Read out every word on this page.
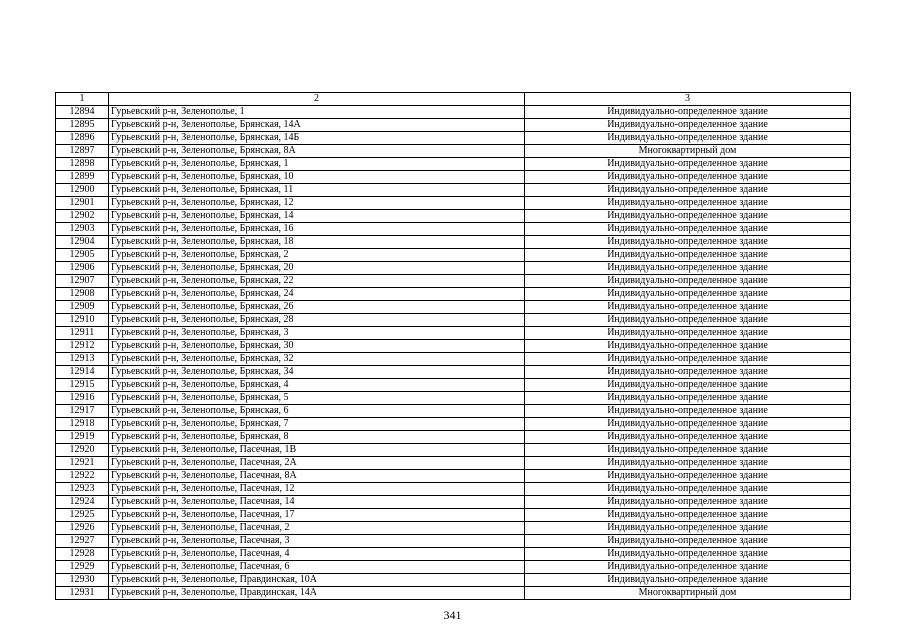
1	2	3
12894	Гурьевский р-н, Зеленополье, 1	Индивидуально-определенное здание
12895	Гурьевский р-н, Зеленополье, Брянская, 14А	Индивидуально-определенное здание
12896	Гурьевский р-н, Зеленополье, Брянская, 14Б	Индивидуально-определенное здание
12897	Гурьевский р-н, Зеленополье, Брянская, 8А	Многоквартирный дом
12898	Гурьевский р-н, Зеленополье, Брянская, 1	Индивидуально-определенное здание
12899	Гурьевский р-н, Зеленополье, Брянская, 10	Индивидуально-определенное здание
12900	Гурьевский р-н, Зеленополье, Брянская, 11	Индивидуально-определенное здание
12901	Гурьевский р-н, Зеленополье, Брянская, 12	Индивидуально-определенное здание
12902	Гурьевский р-н, Зеленополье, Брянская, 14	Индивидуально-определенное здание
12903	Гурьевский р-н, Зеленополье, Брянская, 16	Индивидуально-определенное здание
12904	Гурьевский р-н, Зеленополье, Брянская, 18	Индивидуально-определенное здание
12905	Гурьевский р-н, Зеленополье, Брянская, 2	Индивидуально-определенное здание
12906	Гурьевский р-н, Зеленополье, Брянская, 20	Индивидуально-определенное здание
12907	Гурьевский р-н, Зеленополье, Брянская, 22	Индивидуально-определенное здание
12908	Гурьевский р-н, Зеленополье, Брянская, 24	Индивидуально-определенное здание
12909	Гурьевский р-н, Зеленополье, Брянская, 26	Индивидуально-определенное здание
12910	Гурьевский р-н, Зеленополье, Брянская, 28	Индивидуально-определенное здание
12911	Гурьевский р-н, Зеленополье, Брянская, 3	Индивидуально-определенное здание
12912	Гурьевский р-н, Зеленополье, Брянская, 30	Индивидуально-определенное здание
12913	Гурьевский р-н, Зеленополье, Брянская, 32	Индивидуально-определенное здание
12914	Гурьевский р-н, Зеленополье, Брянская, 34	Индивидуально-определенное здание
12915	Гурьевский р-н, Зеленополье, Брянская, 4	Индивидуально-определенное здание
12916	Гурьевский р-н, Зеленополье, Брянская, 5	Индивидуально-определенное здание
12917	Гурьевский р-н, Зеленополье, Брянская, 6	Индивидуально-определенное здание
12918	Гурьевский р-н, Зеленополье, Брянская, 7	Индивидуально-определенное здание
12919	Гурьевский р-н, Зеленополье, Брянская, 8	Индивидуально-определенное здание
12920	Гурьевский р-н, Зеленополье, Пасечная, 1В	Индивидуально-определенное здание
12921	Гурьевский р-н, Зеленополье, Пасечная, 2А	Индивидуально-определенное здание
12922	Гурьевский р-н, Зеленополье, Пасечная, 8А	Индивидуально-определенное здание
12923	Гурьевский р-н, Зеленополье, Пасечная, 12	Индивидуально-определенное здание
12924	Гурьевский р-н, Зеленополье, Пасечная, 14	Индивидуально-определенное здание
12925	Гурьевский р-н, Зеленополье, Пасечная, 17	Индивидуально-определенное здание
12926	Гурьевский р-н, Зеленополье, Пасечная, 2	Индивидуально-определенное здание
12927	Гурьевский р-н, Зеленополье, Пасечная, 3	Индивидуально-определенное здание
12928	Гурьевский р-н, Зеленополье, Пасечная, 4	Индивидуально-определенное здание
12929	Гурьевский р-н, Зеленополье, Пасечная, 6	Индивидуально-определенное здание
12930	Гурьевский р-н, Зеленополье, Правдинская, 10А	Индивидуально-определенное здание
12931	Гурьевский р-н, Зеленополье, Правдинская, 14А	Многоквартирный дом
341
